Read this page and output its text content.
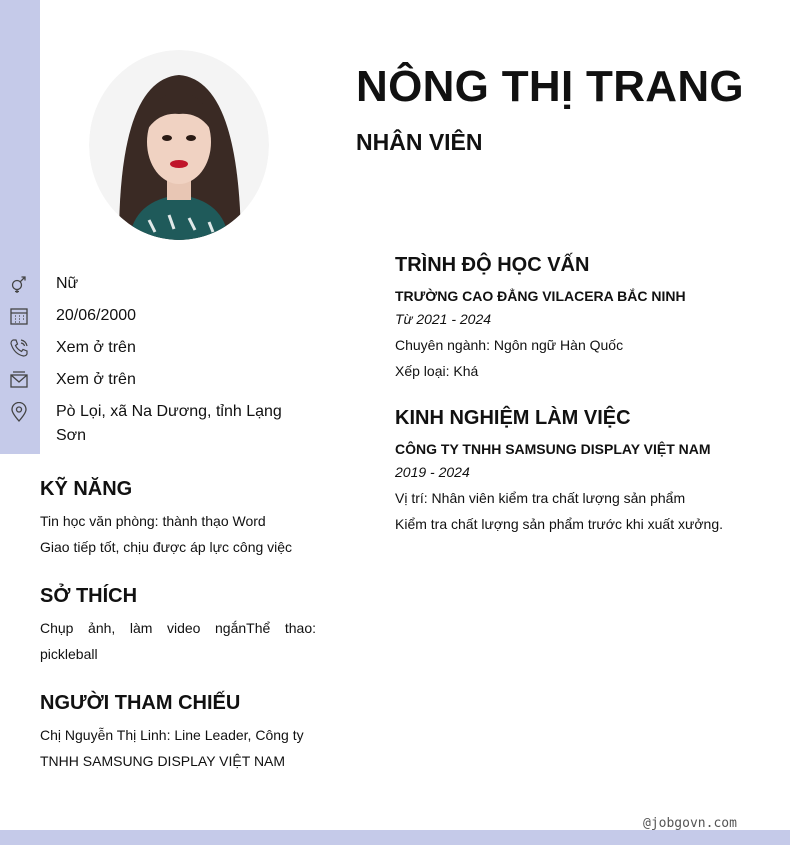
NÔNG THỊ TRANG
NHÂN VIÊN
Nữ
20/06/2000
Xem ở trên
Xem ở trên
Pò Lọi, xã Na Dương, tỉnh Lạng Sơn
KỸ NĂNG
Tin học văn phòng: thành thạo Word
Giao tiếp tốt, chịu được áp lực công việc
SỞ THÍCH
Chụp ảnh, làm video ngắnThể thao: pickleball
NGƯỜI THAM CHIẾU
Chị Nguyễn Thị Linh: Line Leader, Công ty TNHH SAMSUNG DISPLAY VIỆT NAM
TRÌNH ĐỘ HỌC VẤN
TRƯỜNG CAO ĐẲNG VILACERA BẮC NINH
Từ 2021 - 2024
Chuyên ngành: Ngôn ngữ Hàn Quốc
Xếp loại: Khá
KINH NGHIỆM LÀM VIỆC
CÔNG TY TNHH SAMSUNG DISPLAY VIỆT NAM
2019 - 2024
Vị trí: Nhân viên kiểm tra chất lượng sản phẩm
Kiểm tra chất lượng sản phẩm trước khi xuất xưởng.
@jobgovn.com
